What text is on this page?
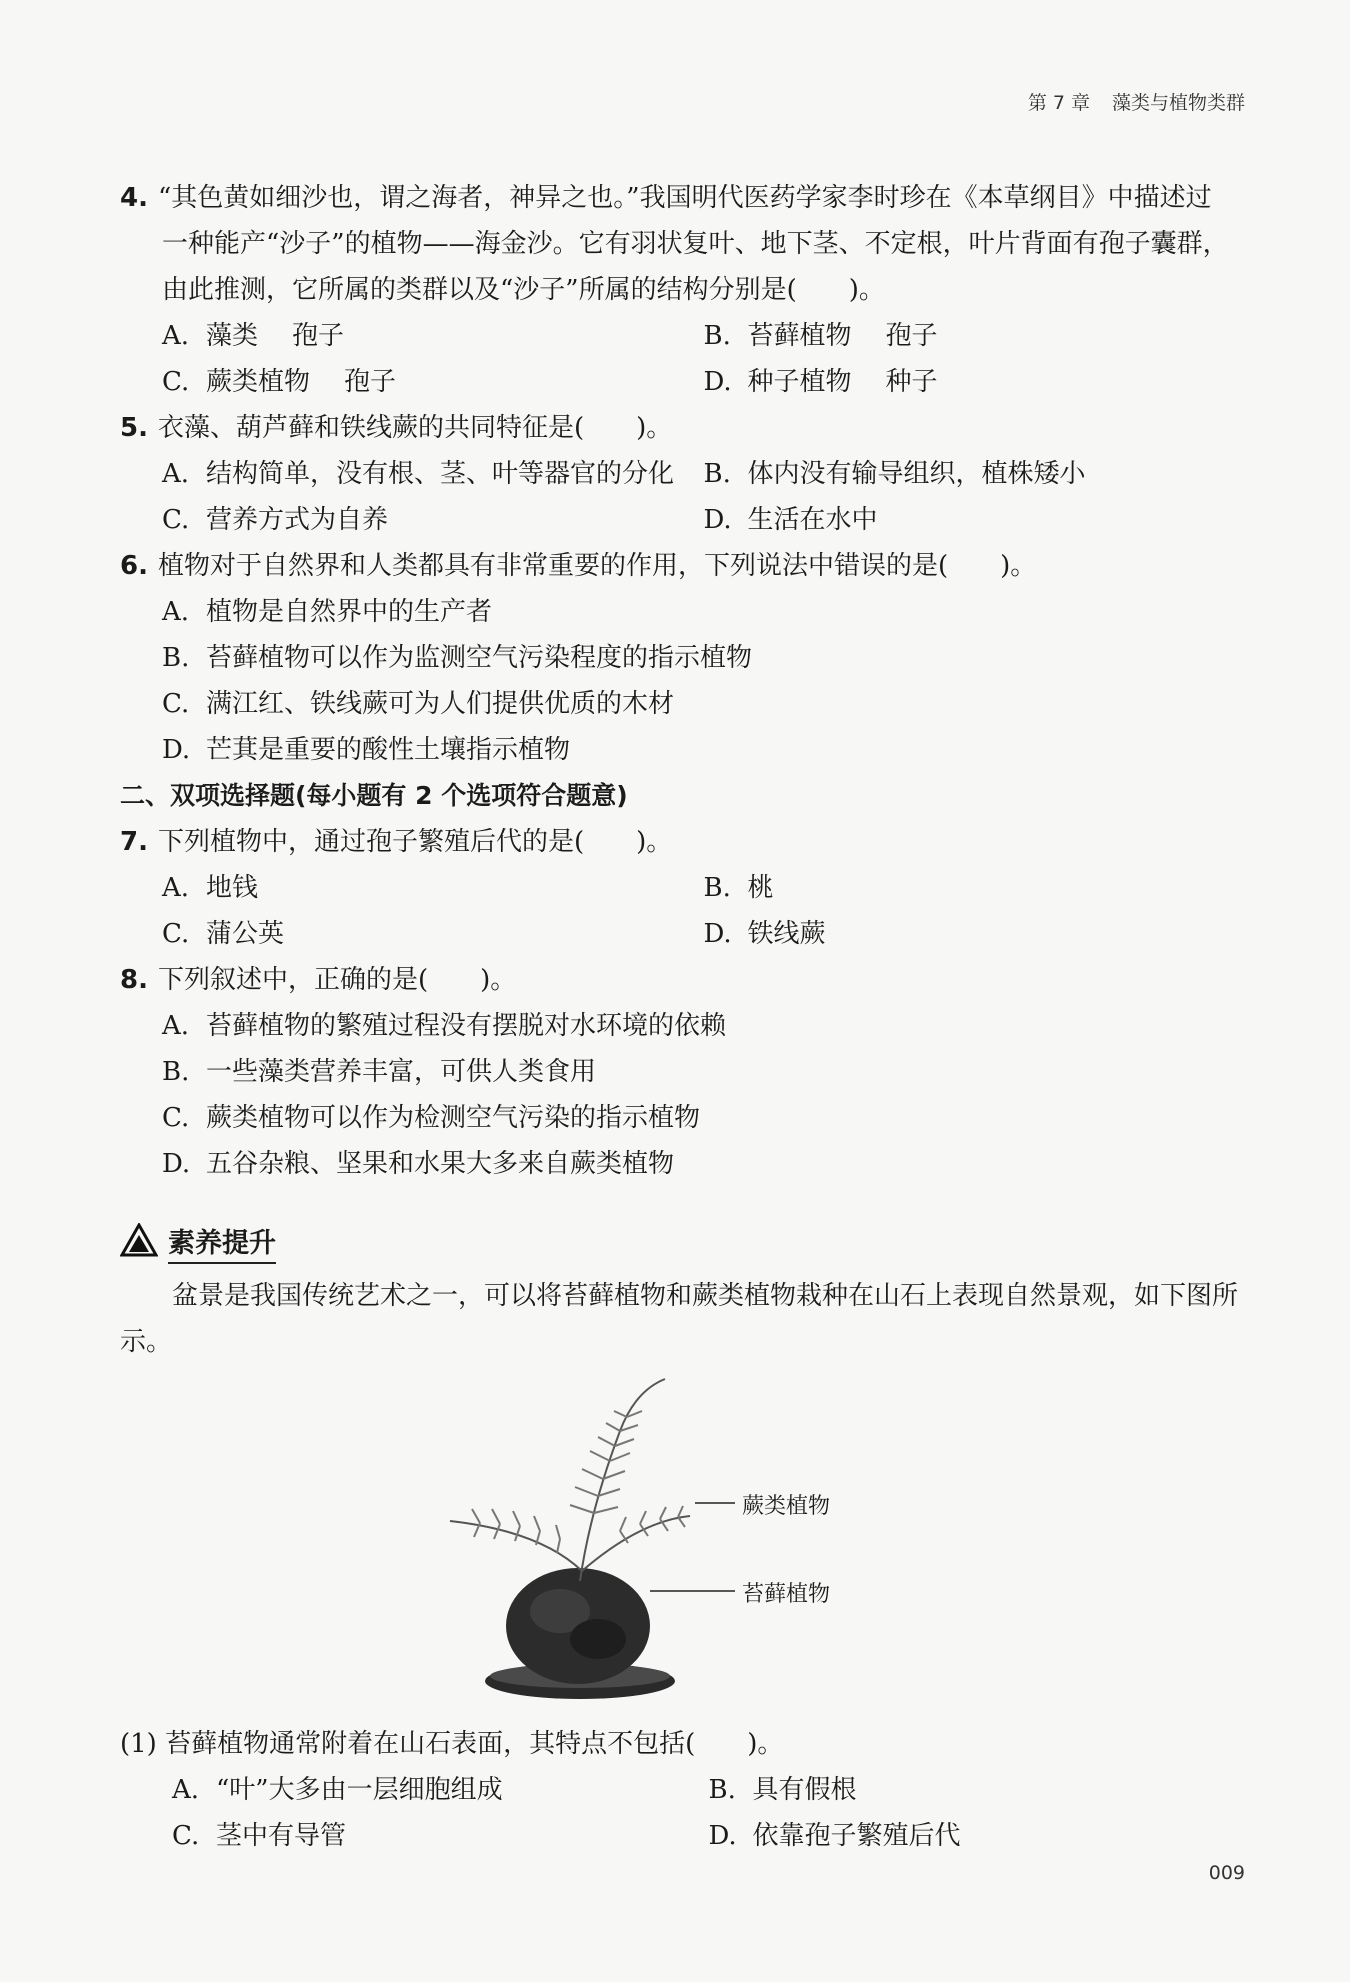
第 7 章 藻类与植物类群
4. “其色黄如细沙也，谓之海者，神异之也。”我国明代医药学家李时珍在《本草纲目》中描述过
一种能产“沙子”的植物——海金沙。它有羽状复叶、地下茎、不定根，叶片背面有孢子囊群，
由此推测，它所属的类群以及“沙子”所属的结构分别是(　　)。
A. 藻类 孢子	B. 苔藓植物 孢子
C. 蕨类植物 孢子	D. 种子植物 种子
5. 衣藻、葫芦藓和铁线蕨的共同特征是(　　)。
A. 结构简单，没有根、茎、叶等器官的分化	B. 体内没有输导组织，植株矮小
C. 营养方式为自养	D. 生活在水中
6. 植物对于自然界和人类都具有非常重要的作用，下列说法中错误的是(　　)。
A. 植物是自然界中的生产者
B. 苔藓植物可以作为监测空气污染程度的指示植物
C. 满江红、铁线蕨可为人们提供优质的木材
D. 芒萁是重要的酸性土壤指示植物
二、双项选择题(每小题有 2 个选项符合题意)
7. 下列植物中，通过孢子繁殖后代的是(　　)。
A. 地钱	B. 桃
C. 蒲公英	D. 铁线蕨
8. 下列叙述中，正确的是(　　)。
A. 苔藓植物的繁殖过程没有摆脱对水环境的依赖
B. 一些藻类营养丰富，可供人类食用
C. 蕨类植物可以作为检测空气污染的指示植物
D. 五谷杂粮、坚果和水果大多来自蕨类植物
素养提升
盆景是我国传统艺术之一，可以将苔藓植物和蕨类植物栽种在山石上表现自然景观，如下图所示。
蕨类植物
苔藓植物
(1) 苔藓植物通常附着在山石表面，其特点不包括(　　)。
A. “叶”大多由一层细胞组成	B. 具有假根
C. 茎中有导管	D. 依靠孢子繁殖后代
009
